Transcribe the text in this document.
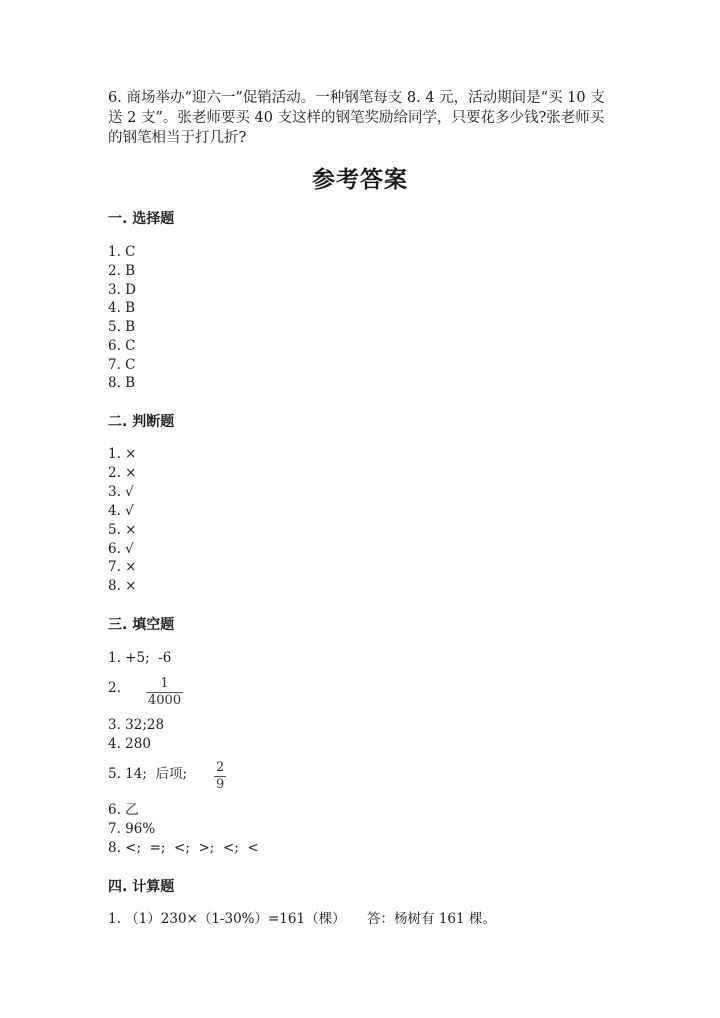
6. 商场举办“迎六一”促销活动。一种钢笔每支 8. 4 元，活动期间是“买 10 支送 2 支”。张老师要买 40 支这样的钢笔奖励给同学，只要花多少钱?张老师买的钢笔相当于打几折?

参考答案
一. 选择题
1. C
2. B
3. D
4. B
5. B
6. C
7. C
8. B
二. 判断题
1. ×
2. ×
3. √
4. √
5. ×
6. √
7. ×
8. ×
三. 填空题
1. +5;  -6
2.	1
4000
3. 32;28
4. 280
5. 14;  后项; 2
9
6. 乙
7. 96%
8. <;  =;  <;  >;  <;  <
四. 计算题
1. （1）230×（1-30%）=161（棵）     答：杨树有 161 棵。
